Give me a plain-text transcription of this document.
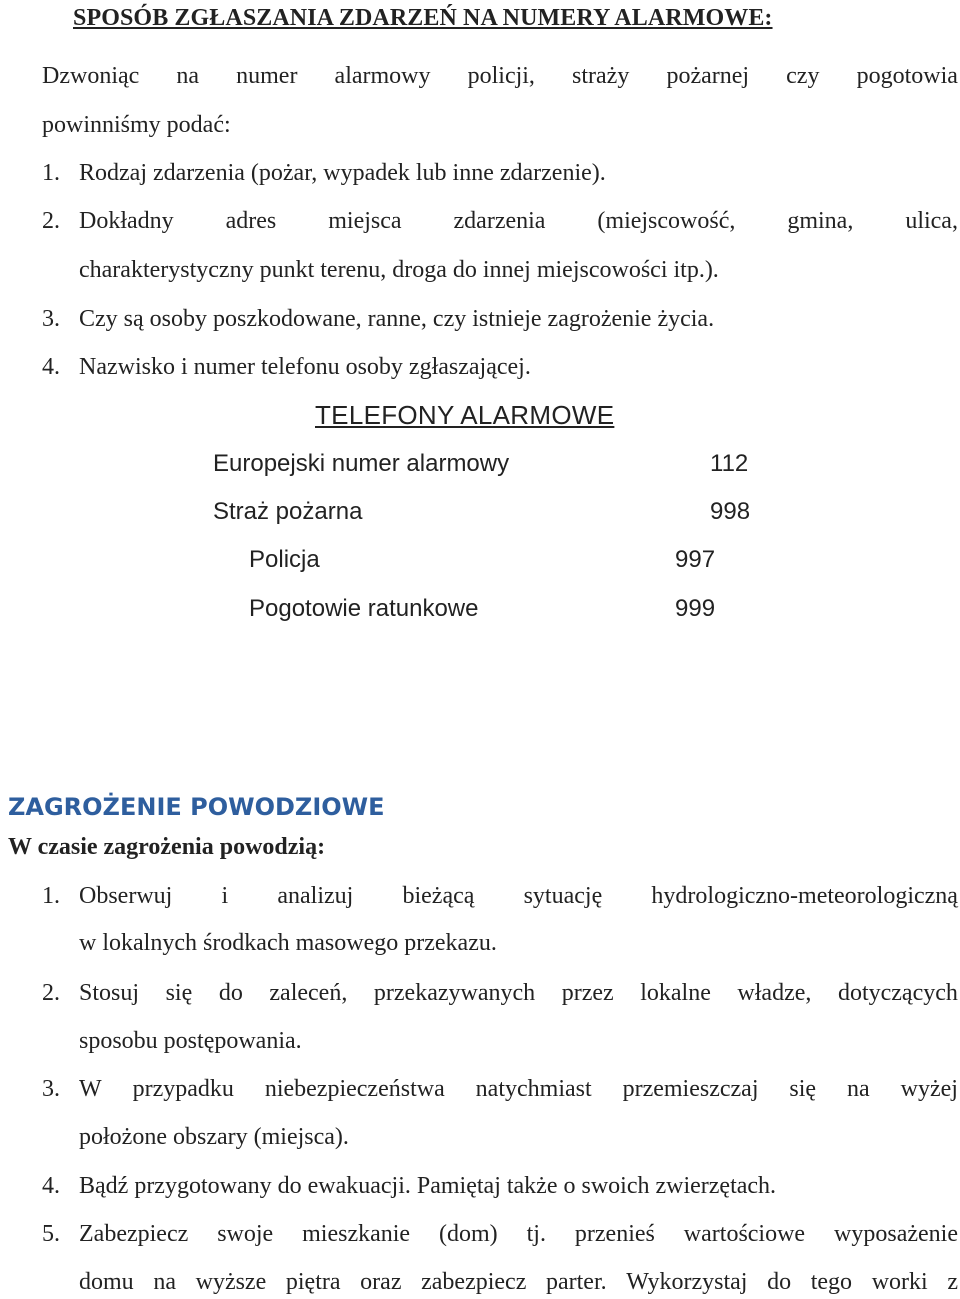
SPOSÓB ZGŁASZANIA ZDARZEŃ NA NUMERY ALARMOWE:
Dzwoniąc na numer alarmowy policji, straży pożarnej czy pogotowia
powinniśmy podać:
1. Rodzaj zdarzenia (pożar, wypadek lub inne zdarzenie).
2. Dokładny adres miejsca zdarzenia (miejscowość, gmina, ulica,
charakterystyczny punkt terenu, droga do innej miejscowości itp.).
3. Czy są osoby poszkodowane, ranne, czy istnieje zagrożenie życia.
4. Nazwisko i numer telefonu osoby zgłaszającej.
TELEFONY ALARMOWE
Europejski numer alarmowy	112
Straż pożarna	998
Policja	997
Pogotowie ratunkowe	999
ZAGROŻENIE POWODZIOWE
W czasie zagrożenia powodzią:
1. Obserwuj i analizuj bieżącą sytuację hydrologiczno-meteorologiczną
w lokalnych środkach masowego przekazu.
2. Stosuj się do zaleceń, przekazywanych przez lokalne władze, dotyczących
sposobu postępowania.
3. W przypadku niebezpieczeństwa natychmiast przemieszczaj się na wyżej
położone obszary (miejsca).
4. Bądź przygotowany do ewakuacji. Pamiętaj także o swoich zwierzętach.
5. Zabezpiecz swoje mieszkanie (dom) tj. przenieś wartościowe wyposażenie
domu na wyższe piętra oraz zabezpiecz parter. Wykorzystaj do tego worki z
